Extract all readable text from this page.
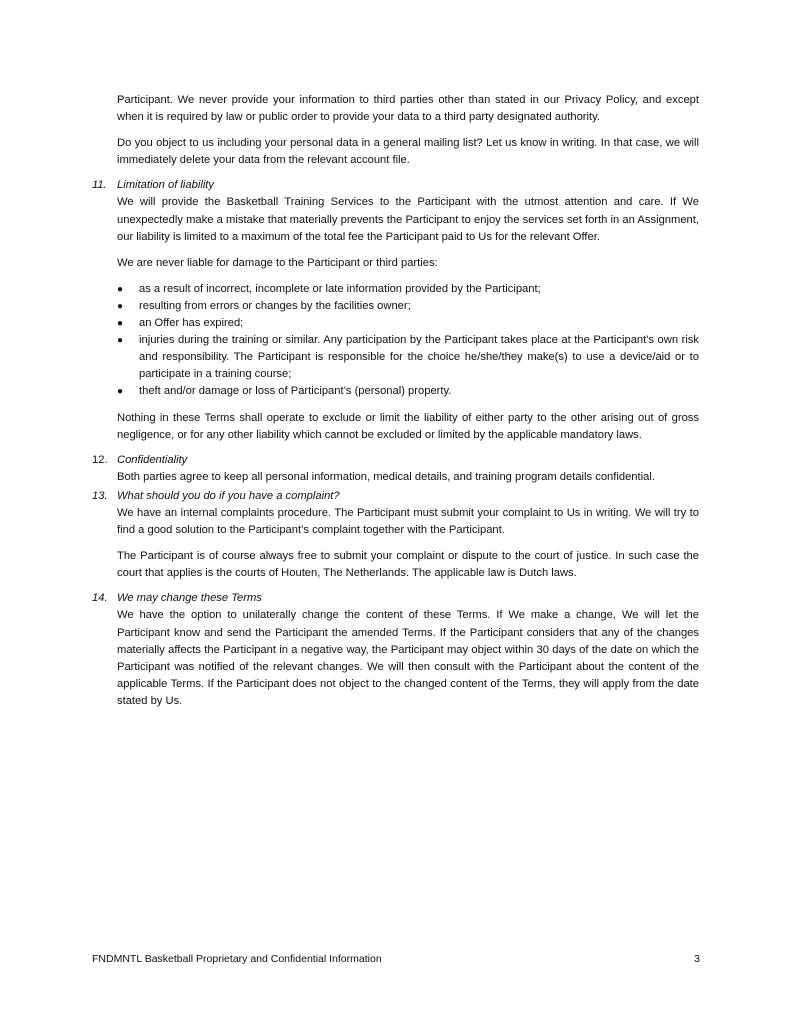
Participant. We never provide your information to third parties other than stated in our Privacy Policy, and except when it is required by law or public order to provide your data to a third party designated authority.

Do you object to us including your personal data in a general mailing list? Let us know in writing. In that case, we will immediately delete your data from the relevant account file.

11. Limitation of liability

We will provide the Basketball Training Services to the Participant with the utmost attention and care. If We unexpectedly make a mistake that materially prevents the Participant to enjoy the services set forth in an Assignment, our liability is limited to a maximum of the total fee the Participant paid to Us for the relevant Offer.

We are never liable for damage to the Participant or third parties:

● as a result of incorrect, incomplete or late information provided by the Participant;
● resulting from errors or changes by the facilities owner;
● an Offer has expired;
● injuries during the training or similar. Any participation by the Participant takes place at the Participant's own risk and responsibility. The Participant is responsible for the choice he/she/they make(s) to use a device/aid or to participate in a training course;
● theft and/or damage or loss of Participant’s (personal) property.

Nothing in these Terms shall operate to exclude or limit the liability of either party to the other arising out of gross negligence, or for any other liability which cannot be excluded or limited by the applicable mandatory laws.

12. Confidentiality

Both parties agree to keep all personal information, medical details, and training program details confidential.

13. What should you do if you have a complaint?

We have an internal complaints procedure. The Participant must submit your complaint to Us in writing. We will try to find a good solution to the Participant’s complaint together with the Participant.

The Participant is of course always free to submit your complaint or dispute to the court of justice. In such case the court that applies is the courts of Houten, The Netherlands. The applicable law is Dutch laws.

14. We may change these Terms

We have the option to unilaterally change the content of these Terms. If We make a change, We will let the Participant know and send the Participant the amended Terms. If the Participant considers that any of the changes materially affects the Participant in a negative way, the Participant may object within 30 days of the date on which the Participant was notified of the relevant changes. We will then consult with the Participant about the content of the applicable Terms. If the Participant does not object to the changed content of the Terms, they will apply from the date stated by Us.

FNDMNTL Basketball Proprietary and Confidential Information	3
